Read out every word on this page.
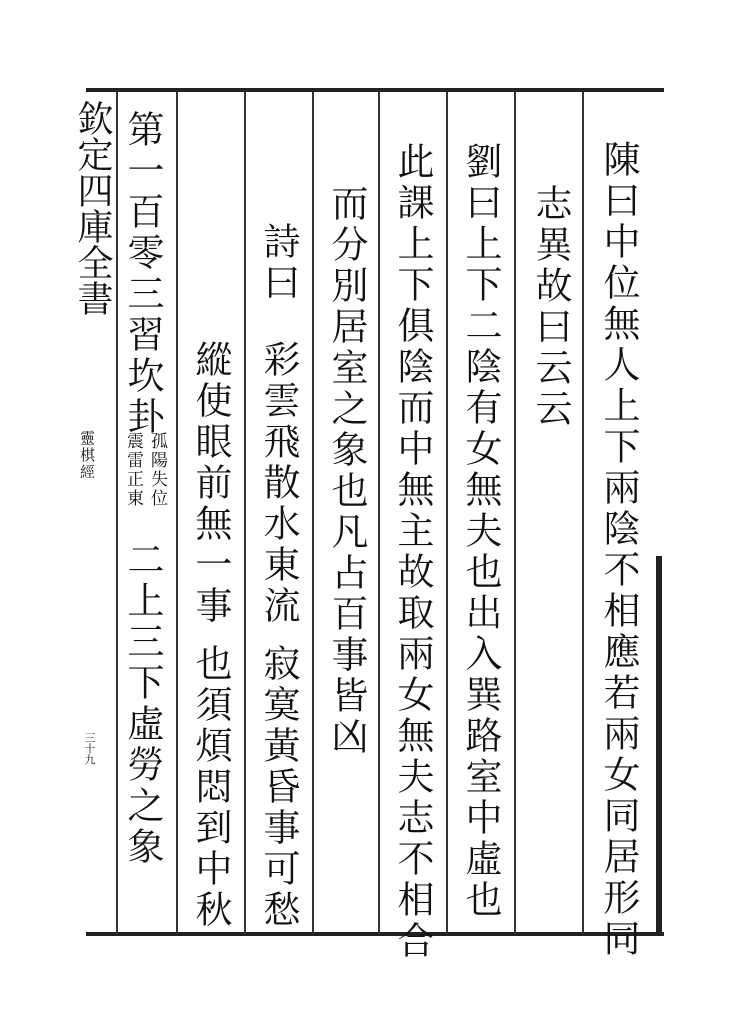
欽定四庫全書
靈棋經
三十九	陳曰中位無人上下兩陰不相應若兩女同居形同
志異故曰云云
劉曰上下二陰有女無夫也出入巽路室中虛也
此課上下俱陰而中無主故取兩女無夫志不相合
而分別居室之象也凡占百事皆凶
詩曰
彩雲飛散水東流
寂寞黃昏事可愁
縱使眼前無一事
也須煩悶到中秋
第一百零三習坎卦
孤陽失位
震雷正東
二上三下虛勞之象
